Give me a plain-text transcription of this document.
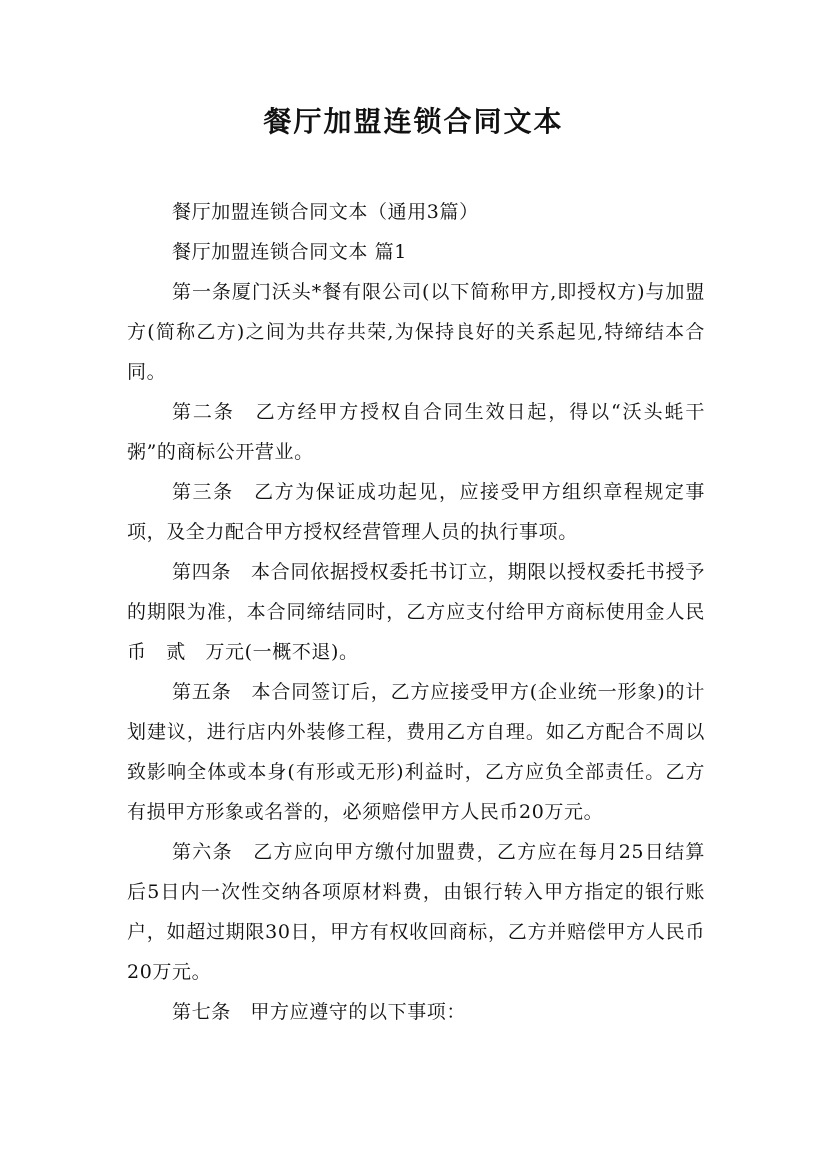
餐厅加盟连锁合同文本

餐厅加盟连锁合同文本（通用3篇）

餐厅加盟连锁合同文本 篇1

第一条厦门沃头*餐有限公司(以下简称甲方,即授权方)与加盟方(简称乙方)之间为共存共荣,为保持良好的关系起见,特缔结本合同。

第二条　乙方经甲方授权自合同生效日起，得以“沃头蚝干粥”的商标公开营业。

第三条　乙方为保证成功起见，应接受甲方组织章程规定事项，及全力配合甲方授权经营管理人员的执行事项。

第四条　本合同依据授权委托书订立，期限以授权委托书授予的期限为准，本合同缔结同时，乙方应支付给甲方商标使用金人民币　贰　万元(一概不退)。

第五条　本合同签订后，乙方应接受甲方(企业统一形象)的计划建议，进行店内外装修工程，费用乙方自理。如乙方配合不周以致影响全体或本身(有形或无形)利益时，乙方应负全部责任。乙方有损甲方形象或名誉的，必须赔偿甲方人民币20万元。

第六条　乙方应向甲方缴付加盟费，乙方应在每月25日结算后5日内一次性交纳各项原材料费，由银行转入甲方指定的银行账户，如超过期限30日，甲方有权收回商标，乙方并赔偿甲方人民币20万元。

第七条　甲方应遵守的以下事项：
